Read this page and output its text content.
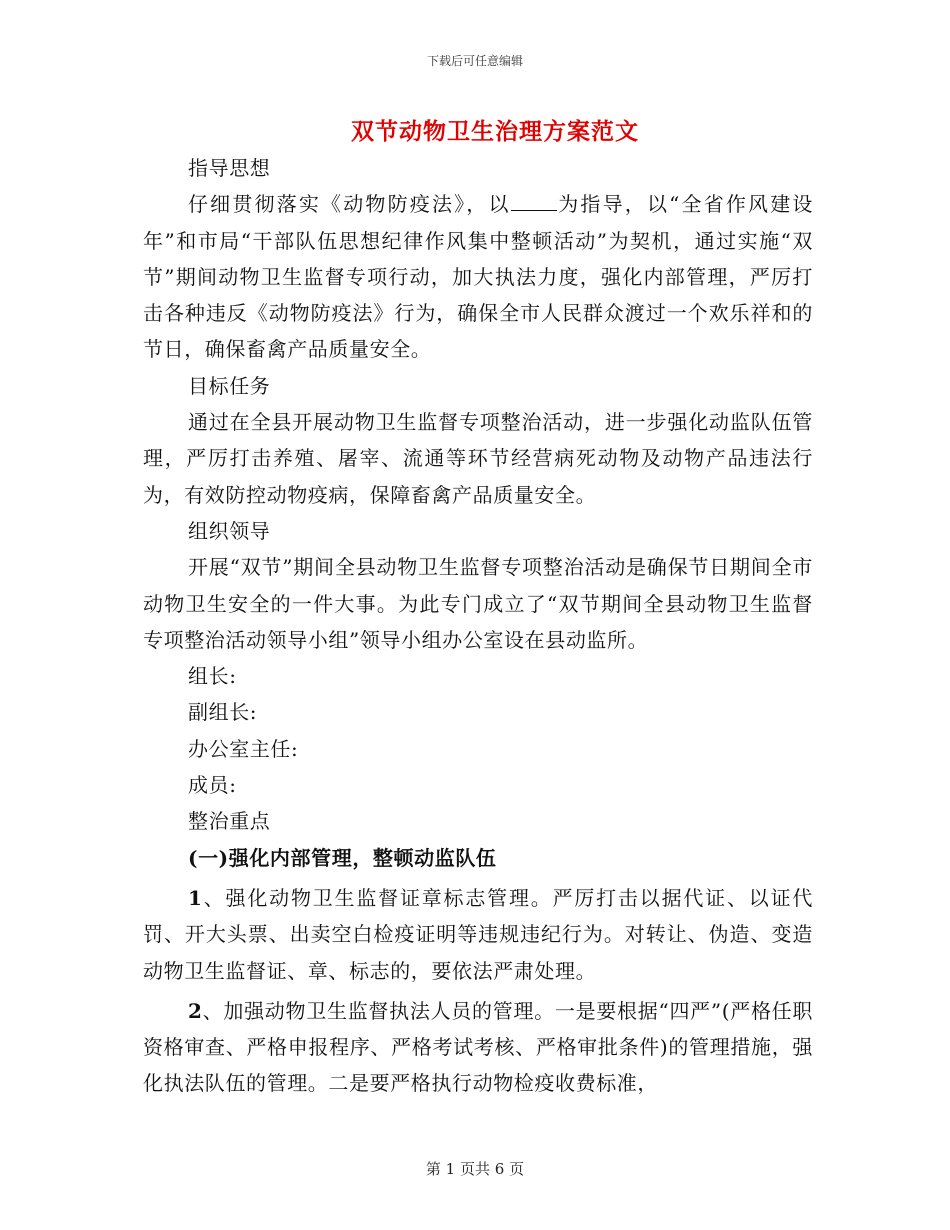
下载后可任意编辑
双节动物卫生治理方案范文

指导思想

仔细贯彻落实《动物防疫法》，以 为指导，以“全省作风建设年”和市局“干部队伍思想纪律作风集中整顿活动”为契机，通过实施“双节”期间动物卫生监督专项行动，加大执法力度，强化内部管理，严厉打击各种违反《动物防疫法》行为，确保全市人民群众渡过一个欢乐祥和的节日，确保畜禽产品质量安全。

目标任务

通过在全县开展动物卫生监督专项整治活动，进一步强化动监队伍管理，严厉打击养殖、屠宰、流通等环节经营病死动物及动物产品违法行为，有效防控动物疫病，保障畜禽产品质量安全。

组织领导

开展“双节”期间全县动物卫生监督专项整治活动是确保节日期间全市动物卫生安全的一件大事。为此专门成立了“双节期间全县动物卫生监督专项整治活动领导小组”领导小组办公室设在县动监所。

组长:

副组长:

办公室主任:

成员:

整治重点

(一)强化内部管理，整顿动监队伍

1、强化动物卫生监督证章标志管理。严厉打击以据代证、以证代罚、开大头票、出卖空白检疫证明等违规违纪行为。对转让、伪造、变造动物卫生监督证、章、标志的，要依法严肃处理。

2、加强动物卫生监督执法人员的管理。一是要根据“四严”(严格任职资格审查、严格申报程序、严格考试考核、严格审批条件)的管理措施，强化执法队伍的管理。二是要严格执行动物检疫收费标准，

第 1 页共 6 页
